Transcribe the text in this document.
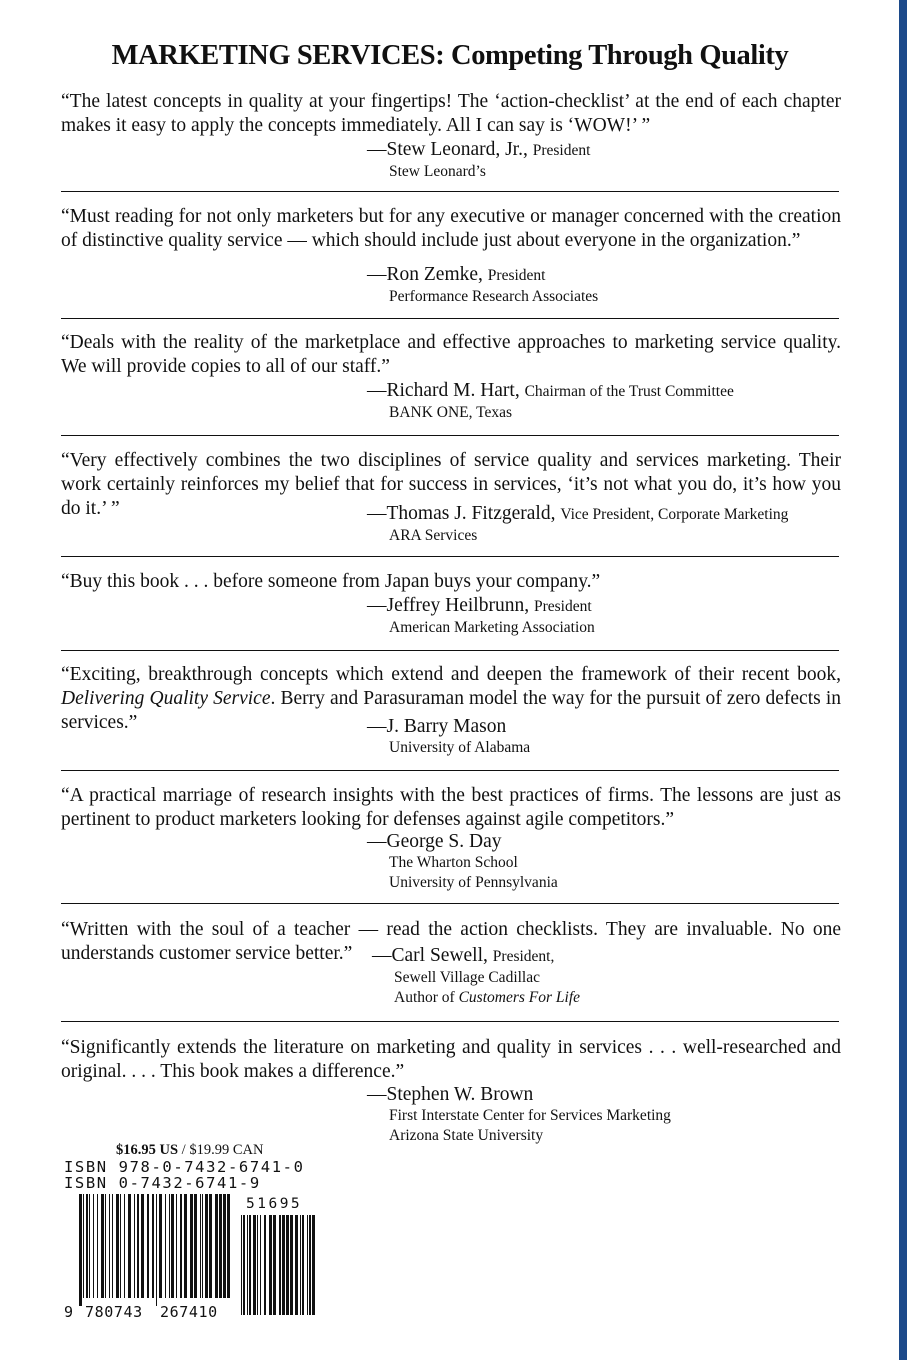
MARKETING SERVICES: Competing Through Quality

“The latest concepts in quality at your fingertips! The ‘action-checklist’ at the end of each chapter makes it easy to apply the concepts immediately. All I can say is ‘WOW!’ ”

—Stew Leonard, Jr., President
Stew Leonard’s

“Must reading for not only marketers but for any executive or manager concerned with the creation of distinctive quality service — which should include just about everyone in the organization.”

—Ron Zemke, President
Performance Research Associates

“Deals with the reality of the marketplace and effective approaches to marketing service quality. We will provide copies to all of our staff.”

—Richard M. Hart, Chairman of the Trust Committee
BANK ONE, Texas

“Very effectively combines the two disciplines of service quality and services marketing. Their work certainly reinforces my belief that for success in services, ‘it’s not what you do, it’s how you do it.’ ”	—Thomas J. Fitzgerald, Vice President, Corporate Marketing
ARA Services

“Buy this book . . . before someone from Japan buys your company.”

—Jeffrey Heilbrunn, President
American Marketing Association

“Exciting, breakthrough concepts which extend and deepen the framework of their recent book, Delivering Quality Service. Berry and Parasuraman model the way for the pursuit of zero defects in services.”	—J. Barry Mason
University of Alabama

“A practical marriage of research insights with the best practices of firms. The lessons are just as pertinent to product marketers looking for defenses against agile competitors.”

—George S. Day
The Wharton School
University of Pennsylvania

“Written with the soul of a teacher — read the action checklists. They are invaluable. No one understands customer service better.”	—Carl Sewell, President,
Sewell Village Cadillac
Author of Customers For Life

“Significantly extends the literature on marketing and quality in services . . . well-researched and original. . . . This book makes a difference.”

—Stephen W. Brown
First Interstate Center for Services Marketing
Arizona State University
$16.95 US / $19.99 CAN
ISBN 978-0-7432-6741-0
ISBN 0-7432-6741-9
51695
9 780743 267410
